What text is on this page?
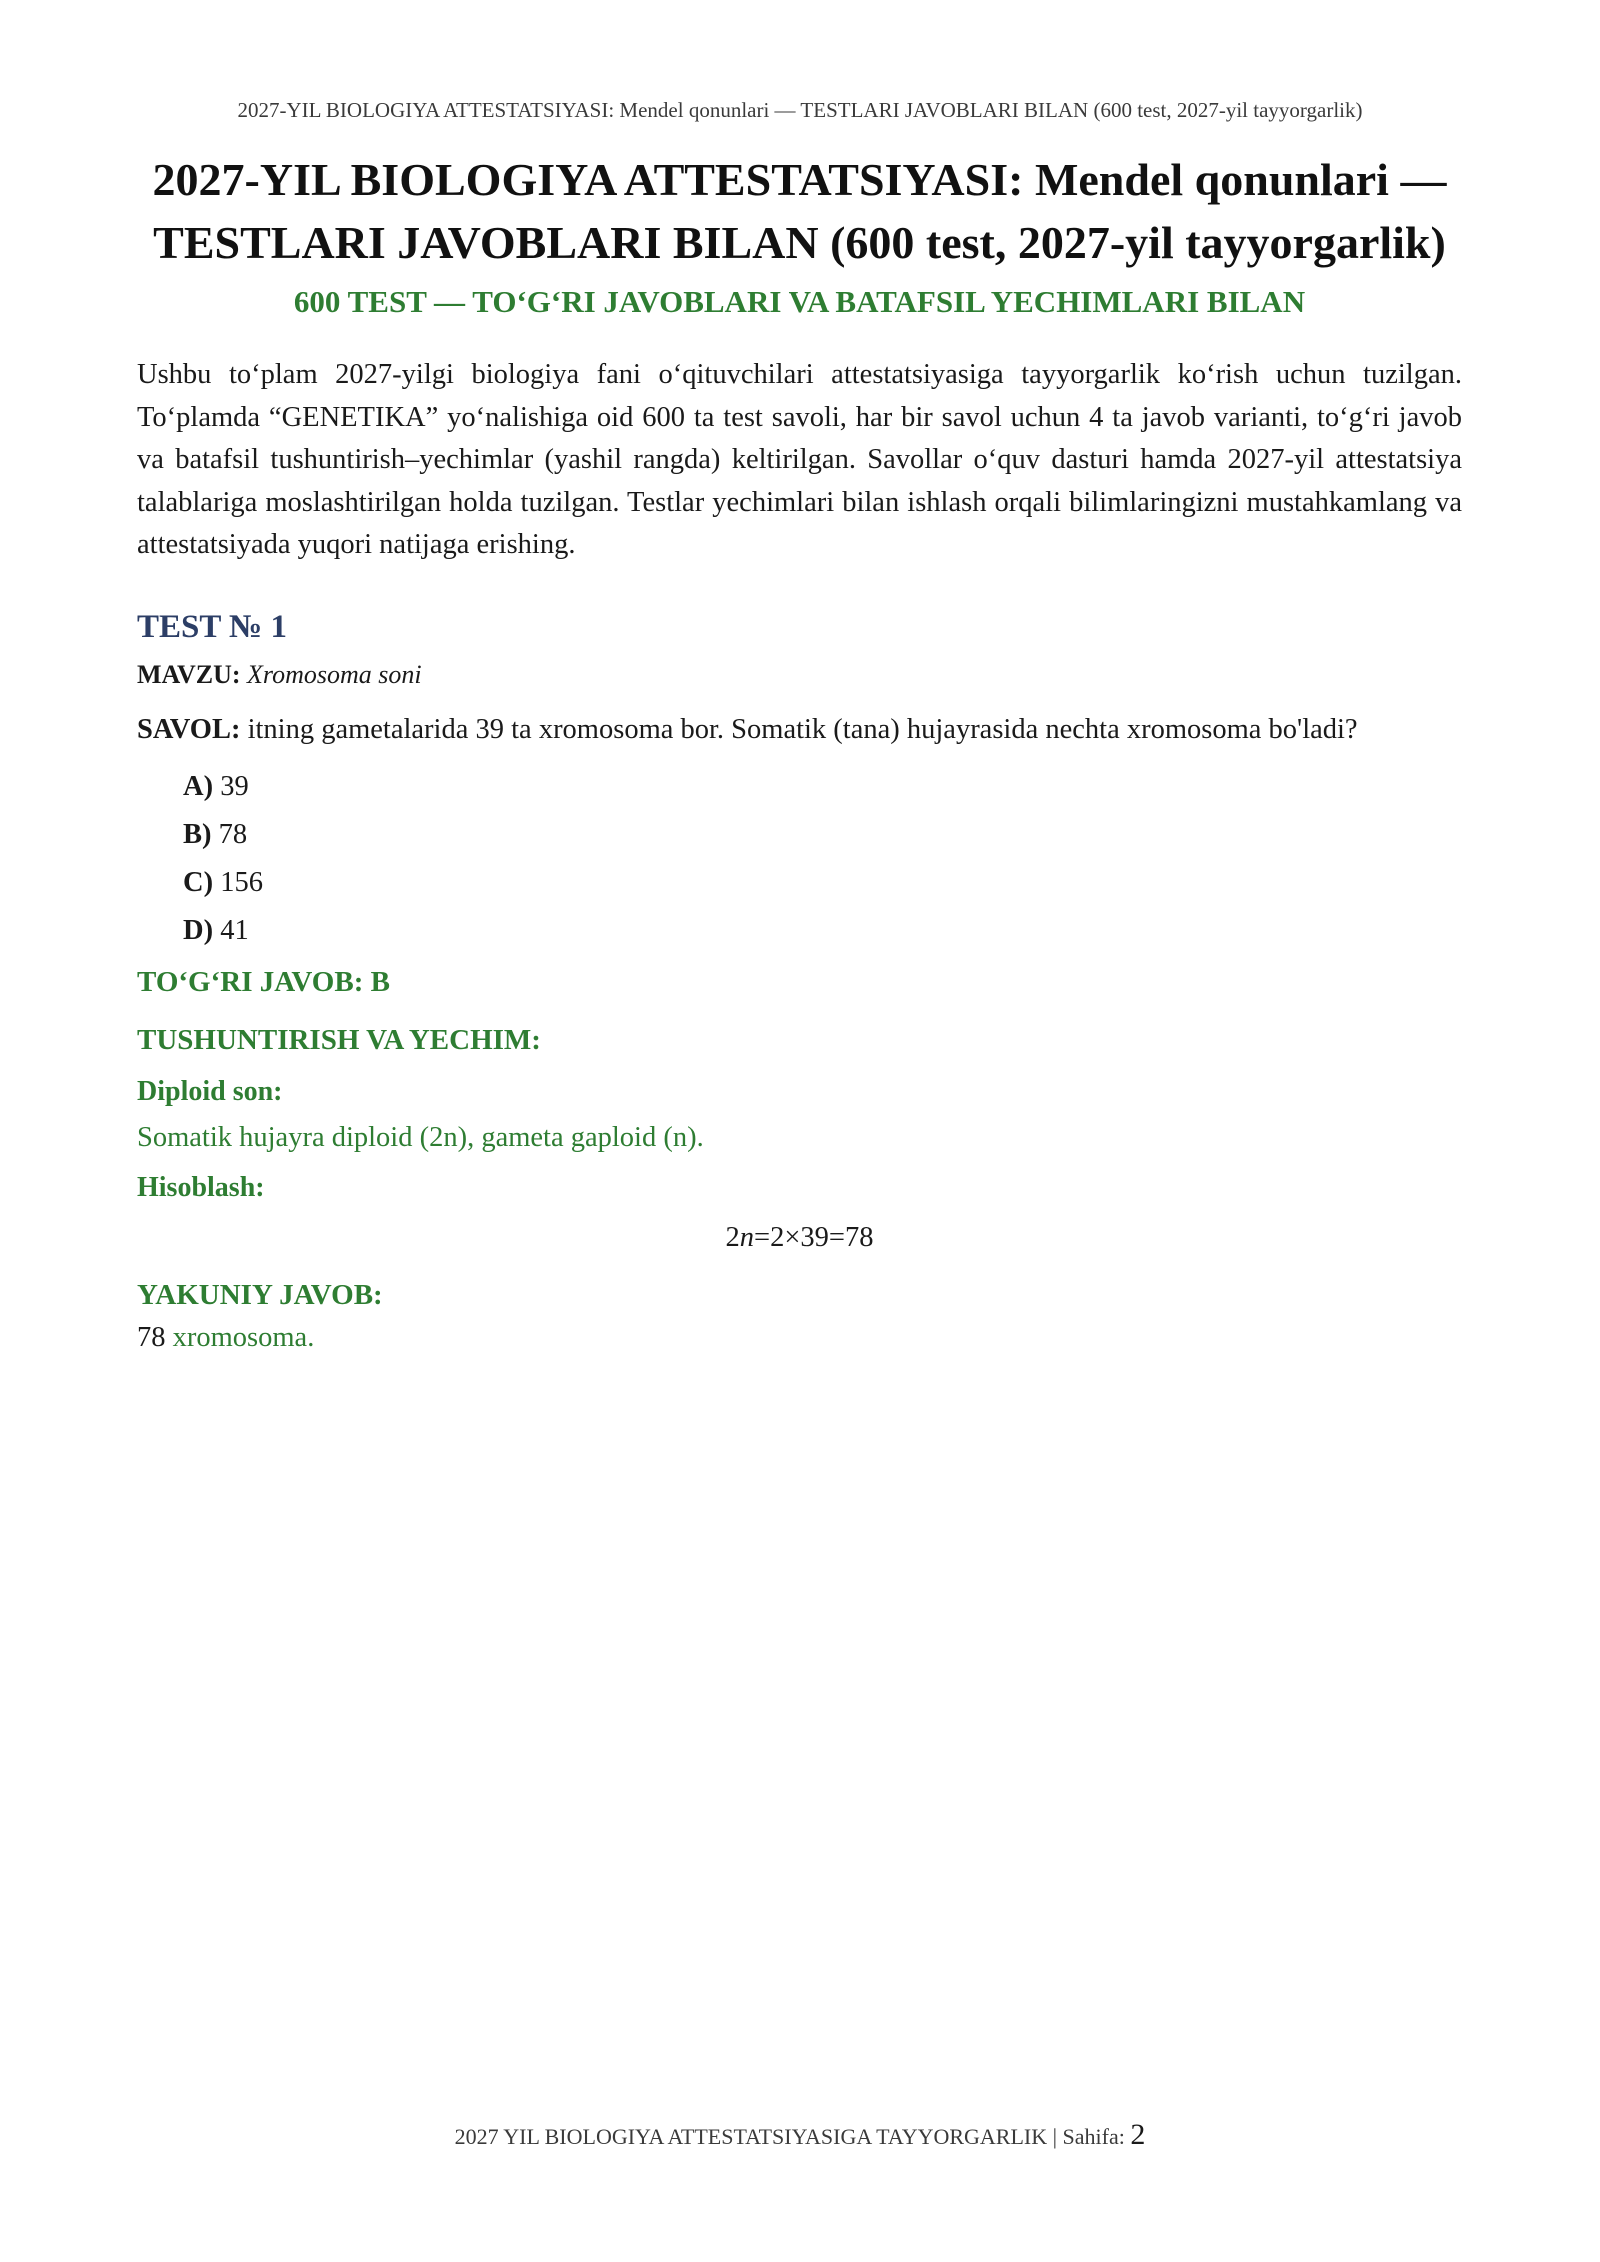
2027-YIL BIOLOGIYA ATTESTATSIYASI: Mendel qonunlari — TESTLARI JAVOBLARI BILAN (600 test, 2027-yil tayyorgarlik)
2027-YIL BIOLOGIYA ATTESTATSIYASI: Mendel qonunlari — TESTLARI JAVOBLARI BILAN (600 test, 2027-yil tayyorgarlik)
600 TEST — TO‘G‘RI JAVOBLARI VA BATAFSIL YECHIMLARI BILAN

Ushbu to‘plam 2027-yilgi biologiya fani o‘qituvchilari attestatsiyasiga tayyorgarlik ko‘rish uchun tuzilgan. To‘plamda “GENETIKA” yo‘nalishiga oid 600 ta test savoli, har bir savol uchun 4 ta javob varianti, to‘g‘ri javob va batafsil tushuntirish–yechimlar (yashil rangda) keltirilgan. Savollar o‘quv dasturi hamda 2027-yil attestatsiya talablariga moslashtirilgan holda tuzilgan. Testlar yechimlari bilan ishlash orqali bilimlaringizni mustahkamlang va attestatsiyada yuqori natijaga erishing.

TEST № 1
MAVZU: Xromosoma soni
SAVOL: itning gametalarida 39 ta xromosoma bor. Somatik (tana) hujayrasida nechta xromosoma bo'ladi?
A) 39
B) 78
C) 156
D) 41
TO‘G‘RI JAVOB: B
TUSHUNTIRISH VA YECHIM:
Diploid son:
Somatik hujayra diploid (2n), gameta gaploid (n).
Hisoblash:
2n=2×39=78
YAKUNIY JAVOB:
78 xromosoma.
2027 YIL BIOLOGIYA ATTESTATSIYASIGA TAYYORGARLIK | Sahifa: 2
